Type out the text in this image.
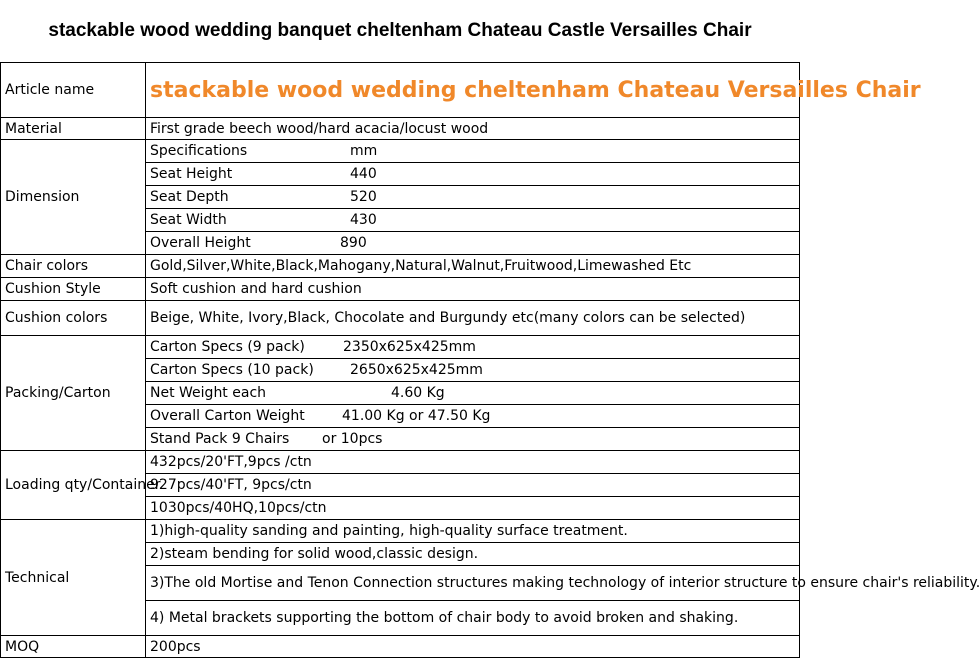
stackable wood wedding banquet cheltenham Chateau Castle Versailles Chair
Article name	stackable wood wedding cheltenham Chateau Versailles Chair
Material	First grade beech wood/hard acacia/locust wood
Dimension	Specifications mm
	Seat Height 440
	Seat Depth 520
	Seat Width 430
	Overall Height 890
Chair colors	Gold,Silver,White,Black,Mahogany,Natural,Walnut,Fruitwood,Limewashed Etc
Cushion Style	Soft cushion and hard cushion
Cushion colors	Beige, White, Ivory,Black, Chocolate and Burgundy etc(many colors can be selected)
Packing/Carton	Carton Specs (9 pack) 2350x625x425mm
	Carton Specs (10 pack) 2650x625x425mm
	Net Weight each 4.60 Kg
	Overall Carton Weight 41.00 Kg or 47.50 Kg
	Stand Pack 9 Chairs or 10pcs
Loading qty/Container	432pcs/20'FT,9pcs /ctn
	927pcs/40'FT, 9pcs/ctn
	1030pcs/40HQ,10pcs/ctn
Technical	1)high-quality sanding and painting, high-quality surface treatment.
	2)steam bending for solid wood,classic design.
	3)The old Mortise and Tenon Connection structures making technology of interior structure to ensure chair's reliability.
	4) Metal brackets supporting the bottom of chair body to avoid broken and shaking.
MOQ	200pcs
